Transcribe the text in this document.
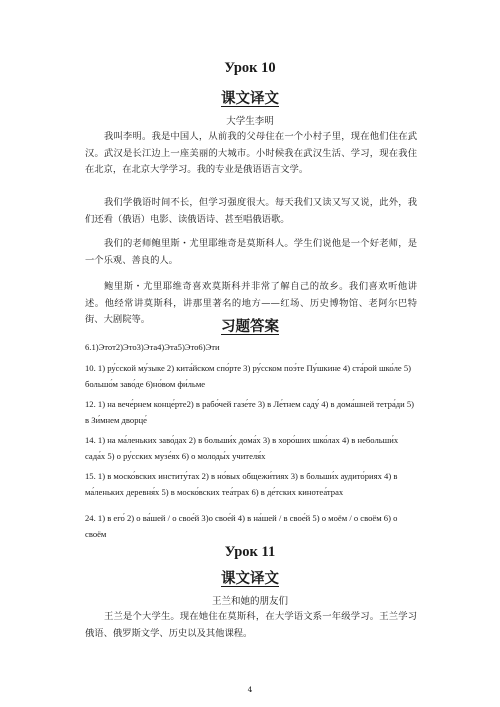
Урок 10
课文译文
大学生李明

我叫李明。我是中国人，从前我的父母住在一个小村子里，现在他们住在武汉。武汉是长江边上一座美丽的大城市。小时候我在武汉生活、学习，现在我住在北京，在北京大学学习。我的专业是俄语语言文学。

我们学俄语时间不长，但学习强度很大。每天我们又读又写又说，此外，我们还看（俄语）电影、读俄语诗、甚至唱俄语歌。

我们的老师鲍里斯・尤里耶维奇是莫斯科人。学生们说他是一个好老师，是一个乐观、善良的人。

鲍里斯・尤里耶维奇喜欢莫斯科并非常了解自己的故乡。我们喜欢听他讲述。他经常讲莫斯科，讲那里著名的地方——红场、历史博物馆、老阿尔巴特街、大剧院等。	习题答案

6.1)Этот2)Это3)Эта4)Эта5)Это6)Эти

10. 1) ру́сской му́зыке 2) кита́йском спо́рте 3) ру́сском поэ́те Пу́шкине 4) ста́рой шко́ле 5) большо́м заво́де 6)но́вом фи́льме

12. 1) на вече́рнем конце́рте2) в рабо́чей газе́те 3) в Ле́тнем саду́ 4) в дома́шней тетра́ди 5) в Зи́мнем дворце́

14. 1) на ма́леньких заво́дах 2) в больши́х дома́х 3) в хоро́ших шко́лах 4) в небольши́х сада́х 5) о ру́сских музе́ях 6) о молоды́х учителя́х

15. 1) в моско́вских институ́тах 2) в но́вых общежи́тиях 3) в больши́х аудито́риях 4) в ма́леньких деревня́х 5) в моско́вских теа́трах 6) в де́тских кинотеа́трах

24. 1) в его́ 2) о ва́шей / о свое́й 3)о свое́й 4) в на́шей / в свое́й 5) о моём / о своём 6) о своём

Урок 11
课文译文
王兰和她的朋友们

王兰是个大学生。现在她住在莫斯科，在大学语文系一年级学习。王兰学习俄语、俄罗斯文学、历史以及其他课程。

4
